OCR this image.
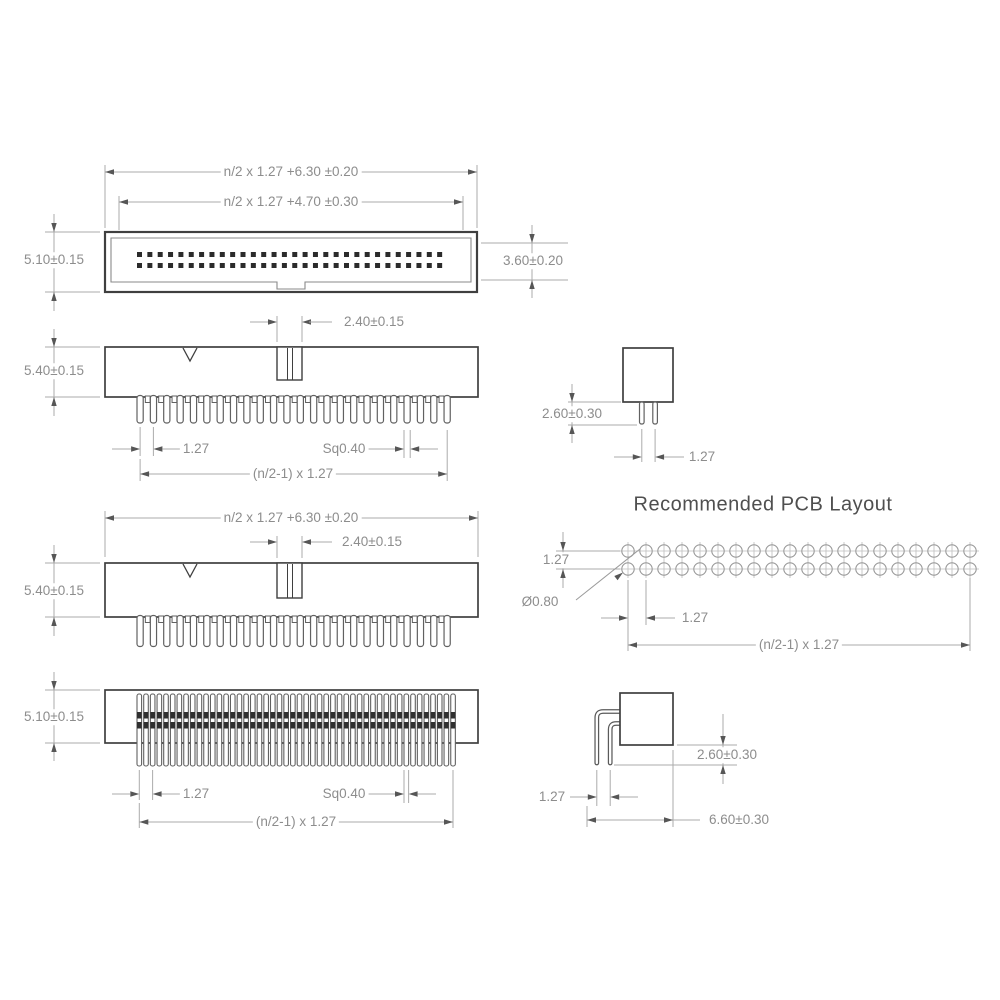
n/2 x 1.27 +6.30 ±0.20
n/2 x 1.27 +4.70 ±0.30
5.10±0.15	3.60±0.20
2.40±0.15
5.40±0.15
1.27	Sq0.40
(n/2-1) x 1.27
2.60±0.30
1.27
Recommended PCB Layout
1.27
Ø0.80
1.27
(n/2-1) x 1.27
n/2 x 1.27 +6.30 ±0.20
2.40±0.15
5.40±0.15
5.10±0.15
1.27	Sq0.40
(n/2-1) x 1.27
2.60±0.30
1.27
6.60±0.30
